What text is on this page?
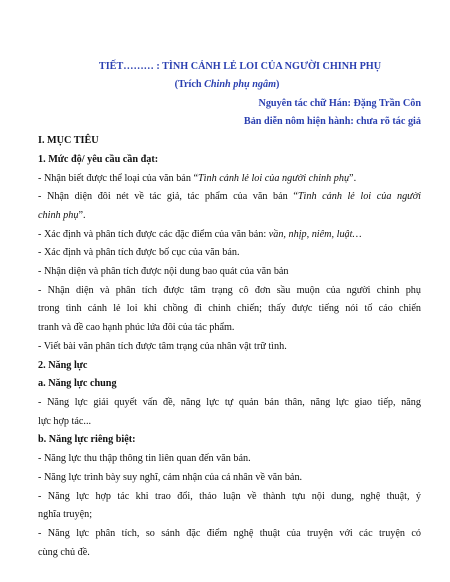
TIẾT……… : TÌNH CẢNH LẺ LOI CỦA NGƯỜI CHINH PHỤ
(Trích Chinh phụ ngâm)
Nguyên tác chữ Hán: Đặng Trần Côn
Bản diễn nôm hiện hành: chưa rõ tác giả
I. MỤC TIÊU
1. Mức độ/ yêu cầu cần đạt:
- Nhận biết được thể loại của văn bản “Tình cảnh lẻ loi của người chinh phụ”.
- Nhận diện đôi nét về tác giả, tác phẩm của văn bản “Tình cảnh lẻ loi của người
chinh phụ”.
- Xác định và phân tích được các đặc điểm của văn bản: vần, nhịp, niêm, luật…
- Xác định và phân tích được bố cục của văn bản.
- Nhận diện và phân tích được nội dung bao quát của văn bản
- Nhận diện và phân tích được tâm trạng cô đơn sầu muộn của người chinh phụ
trong tình cảnh lẻ loi khi chồng đi chinh chiến; thấy được tiếng nói tố cáo chiến
tranh và đề cao hạnh phúc lứa đôi của tác phẩm.
- Viết bài văn phân tích được tâm trạng của nhân vật trữ tình.
2. Năng lực
a. Năng lực chung
- Năng lực giải quyết vấn đề, năng lực tự quản bản thân, năng lực giao tiếp, năng
lực hợp tác...
b. Năng lực riêng biệt:
- Năng lực thu thập thông tin liên quan đến văn bản.
- Năng lực trình bày suy nghĩ, cảm nhận của cá nhân về văn bản.
- Năng lực hợp tác khi trao đổi, thảo luận về thành tựu nội dung, nghệ thuật, ý
nghĩa truyện;
- Năng lực phân tích, so sánh đặc điểm nghệ thuật của truyện với các truyện có
cùng chủ đề.
